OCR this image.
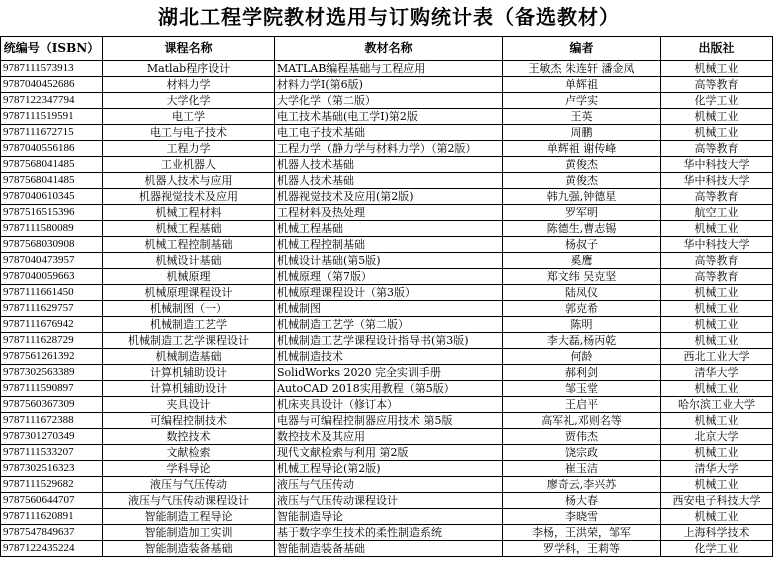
湖北工程学院教材选用与订购统计表（备选教材）
统编号（ISBN）	课程名称	教材名称	编者	出版社
9787111573913	Matlab程序设计	MATLAB编程基础与工程应用	王敏杰 朱连轩 潘金凤	机械工业
9787040452686	材料力学	材料力学Ⅰ(第6版)	单辉祖	高等教育
9787122347794	大学化学	大学化学（第二版）	卢学实	化学工业
9787111519591	电工学	电工技术基础(电工学Ⅰ)第2版	王英	机械工业
9787111672715	电工与电子技术	电工电子技术基础	周鹏	机械工业
9787040556186	工程力学	工程力学（静力学与材料力学）（第2版）	单辉祖 谢传峰	高等教育
9787568041485	工业机器人	机器人技术基础	黄俊杰	华中科技大学
9787568041485	机器人技术与应用	机器人技术基础	黄俊杰	华中科技大学
9787040610345	机器视觉技术及应用	机器视觉技术及应用(第2版)	韩九强,钟德星	高等教育
9787516515396	机械工程材料	工程材料及热处理	罗军明	航空工业
9787111580089	机械工程基础	机械工程基础	陈德生,曹志锡	机械工业
9787568030908	机械工程控制基础	机械工程控制基础	杨叔子	华中科技大学
9787040473957	机械设计基础	机械设计基础(第5版)	奚鹰	高等教育
9787040059663	机械原理	机械原理（第7版）	郑文纬 吴克坚	高等教育
9787111661450	机械原理课程设计	机械原理课程设计（第3版）	陆凤仪	机械工业
9787111629757	机械制图（一）	机械制图	郭克希	机械工业
9787111676942	机械制造工艺学	机械制造工艺学（第二版）	陈明	机械工业
9787111628729	机械制造工艺学课程设计	机械制造工艺学课程设计指导书(第3版)	李大磊,杨丙乾	机械工业
9787561261392	机械制造基础	机械制造技术	何龄	西北工业大学
9787302563389	计算机辅助设计	SolidWorks 2020 完全实训手册	郝利剑	清华大学
9787111590897	计算机辅助设计	AutoCAD 2018实用教程（第5版）	邹玉堂	机械工业
9787560367309	夹具设计	机床夹具设计（修订本）	王启平	哈尔滨工业大学
9787111672388	可编程控制技术	电器与可编程控制器应用技术 第5版	高军礼,邓则名等	机械工业
9787301270349	数控技术	数控技术及其应用	贾伟杰	北京大学
9787111533207	文献检索	现代文献检索与利用 第2版	饶宗政	机械工业
9787302516323	学科导论	机械工程导论(第2版)	崔玉洁	清华大学
9787111529682	液压与气压传动	液压与气压传动	廖奇云,李兴苏	机械工业
9787560644707	液压与气压传动课程设计	液压与气压传动课程设计	杨大春	西安电子科技大学
9787111620891	智能制造工程导论	智能制造导论	李晓雪	机械工业
9787547849637	智能制造加工实训	基于数字孪生技术的柔性制造系统	李杨，王洪荣，邹军	上海科学技术
9787122435224	智能制造装备基础	智能制造装备基础	罗学科，王莉等	化学工业
